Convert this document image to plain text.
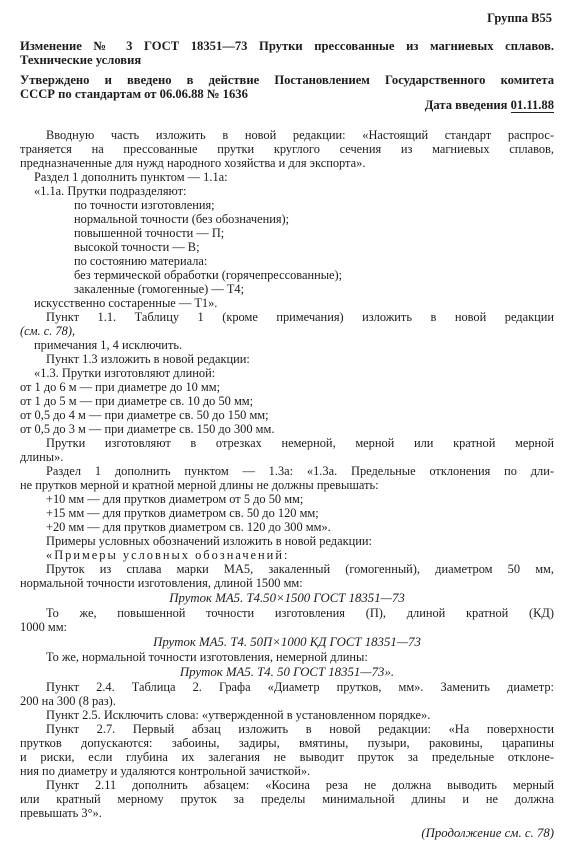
Группа В55
Изменение № 3 ГОСТ 18351—73 Прутки прессованные из магниевых сплавов.
Технические условия
Утверждено и введено в действие Постановлением Государственного комитета
СССР по стандартам от 06.06.88 № 1636
Дата введения 01.11.88
Вводную часть изложить в новой редакции: «Настоящий стандарт распрос-
траняется на прессованные прутки круглого сечения из магниевых сплавов,
предназначенные для нужд народного хозяйства и для экспорта».
Раздел 1 дополнить пунктом — 1.1а:
«1.1а. Прутки подразделяют:
по точности изготовления;
нормальной точности (без обозначения);
повышенной точности — П;
высокой точности — В;
по состоянию материала:
без термической обработки (горячепрессованные);
закаленные (гомогенные) — Т4;
искусственно состаренные — Т1».
Пункт 1.1. Таблицу 1 (кроме примечания) изложить в новой редакции
(см. с. 78),
примечания 1, 4 исключить.
Пункт 1.3 изложить в новой редакции:
«1.3. Прутки изготовляют длиной:
от 1 до 6 м — при диаметре до 10 мм;
от 1 до 5 м — при диаметре св. 10 до 50 мм;
от 0,5 до 4 м — при диаметре св. 50 до 150 мм;
от 0,5 до 3 м — при диаметре св. 150 до 300 мм.
Прутки изготовляют в отрезках немерной, мерной или кратной мерной
длины».
Раздел 1 дополнить пунктом — 1.3а: «1.3а. Предельные отклонения по дли-
не прутков мерной и кратной мерной длины не должны превышать:
+10 мм — для прутков диаметром от 5 до 50 мм;
+15 мм — для прутков диаметром св. 50 до 120 мм;
+20 мм — для прутков диаметром св. 120 до 300 мм».
Примеры условных обозначений изложить в новой редакции:
«Примеры условных обозначений:
Пруток из сплава марки МА5, закаленный (гомогенный), диаметром 50 мм,
нормальной точности изготовления, длиной 1500 мм:
Пруток МА5. Т4.50×1500 ГОСТ 18351—73
То же, повышенной точности изготовления (П), длиной кратной (КД)
1000 мм:
Пруток МА5. Т4. 50П×1000 КД ГОСТ 18351—73
То же, нормальной точности изготовления, немерной длины:
Пруток МА5. Т4. 50 ГОСТ 18351—73».
Пункт 2.4. Таблица 2. Графа «Диаметр прутков, мм». Заменить диаметр:
200 на 300 (8 раз).
Пункт 2.5. Исключить слова: «утвержденной в установленном порядке».
Пункт 2.7. Первый абзац изложить в новой редакции: «На поверхности
прутков допускаются: забоины, задиры, вмятины, пузыри, раковины, царапины
и риски, если глубина их залегания не выводит пруток за предельные отклоне-
ния по диаметру и удаляются контрольной зачисткой».
Пункт 2.11 дополнить абзацем: «Косина реза не должна выводить мерный
или кратный мерному пруток за пределы минимальной длины и не должна
превышать 3°».
(Продолжение см. с. 78)
